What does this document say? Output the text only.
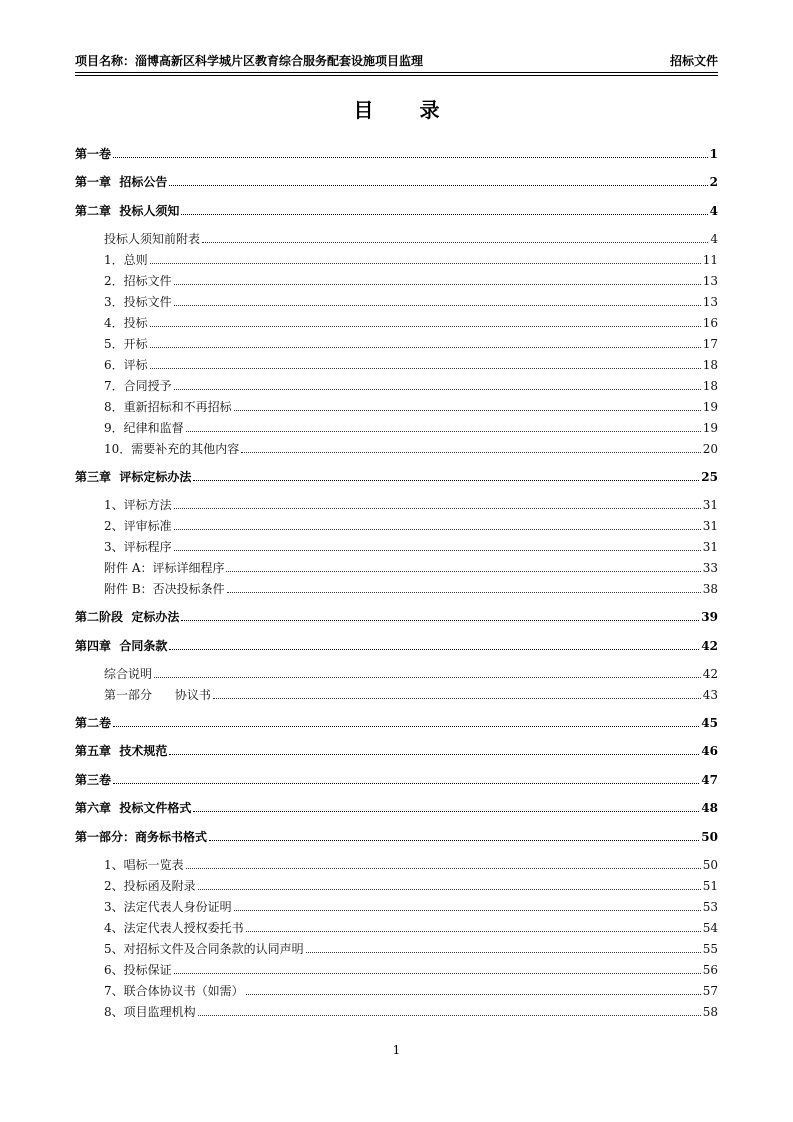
项目名称：淄博高新区科学城片区教育综合服务配套设施项目监理	招标文件
目录
第一卷	1
第一章  招标公告	2
第二章  投标人须知	4
投标人须知前附表	4
1．总则	11
2．招标文件	13
3．投标文件	13
4．投标	16
5．开标	17
6．评标	18
7．合同授予	18
8．重新招标和不再招标	19
9．纪律和监督	19
10．需要补充的其他内容	20
第三章  评标定标办法	25
1、评标方法	31
2、评审标准	31
3、评标程序	31
附件 A：评标详细程序	33
附件 B：否决投标条件	38
第二阶段  定标办法	39
第四章  合同条款	42
综合说明	42
第一部分      协议书	43
第二卷	45
第五章  技术规范	46
第三卷	47
第六章  投标文件格式	48
第一部分：商务标书格式	50
1、唱标一览表	50
2、投标函及附录	51
3、法定代表人身份证明	53
4、法定代表人授权委托书	54
5、对招标文件及合同条款的认同声明	55
6、投标保证	56
7、联合体协议书（如需）	57
8、项目监理机构	58
1
